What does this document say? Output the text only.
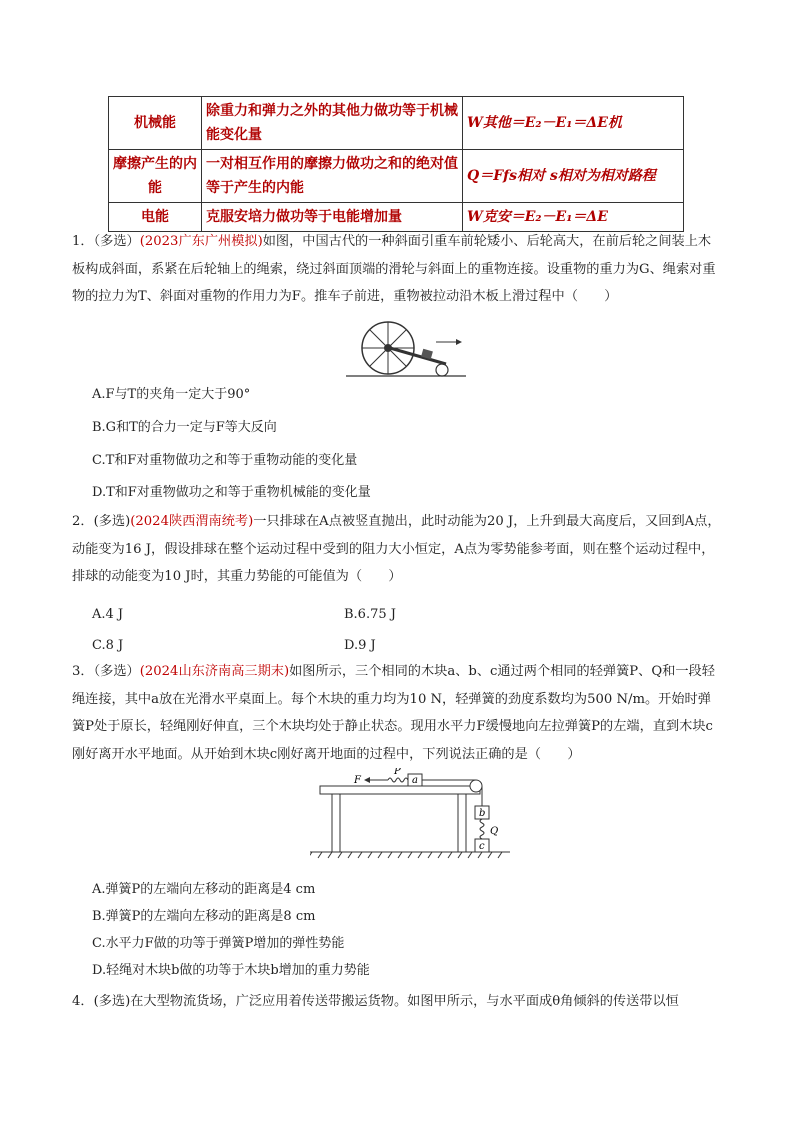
机械能	除重力和弹力之外的其他力做功等于机械能变化量	W其他＝E₂－E₁＝ΔE机
摩擦产生的内能	一对相互作用的摩擦力做功之和的绝对值等于产生的内能	Q＝Ffs相对 s相对为相对路程
电能	克服安培力做功等于电能增加量	W克安＝E₂－E₁＝ΔE
1．（多选）(2023广东广州模拟)如图，中国古代的一种斜面引重车前轮矮小、后轮高大，在前后轮之间装上木板构成斜面，系紧在后轮轴上的绳索，绕过斜面顶端的滑轮与斜面上的重物连接。设重物的重力为G、绳索对重物的拉力为T、斜面对重物的作用力为F。推车子前进，重物被拉动沿木板上滑过程中（　　）
A.F与T的夹角一定大于90°
B.G和T的合力一定与F等大反向
C.T和F对重物做功之和等于重物动能的变化量
D.T和F对重物做功之和等于重物机械能的变化量
2．(多选)(2024陕西渭南统考)一只排球在A点被竖直抛出，此时动能为20 J，上升到最大高度后，又回到A点，动能变为16 J，假设排球在整个运动过程中受到的阻力大小恒定，A点为零势能参考面，则在整个运动过程中，排球的动能变为10 J时，其重力势能的可能值为（　　）
A.4 J	B.6.75 J
C.8 J	D.9 J
3．（多选）(2024山东济南高三期末)如图所示，三个相同的木块a、b、c通过两个相同的轻弹簧P、Q和一段轻绳连接，其中a放在光滑水平桌面上。每个木块的重力均为10 N，轻弹簧的劲度系数均为500 N/m。开始时弹簧P处于原长，轻绳刚好伸直，三个木块均处于静止状态。现用水平力F缓慢地向左拉弹簧P的左端，直到木块c刚好离开水平地面。从开始到木块c刚好离开地面的过程中，下列说法正确的是（　　）
a
P
F
b
Q
c
A.弹簧P的左端向左移动的距离是4 cm
B.弹簧P的左端向左移动的距离是8 cm
C.水平力F做的功等于弹簧P增加的弹性势能
D.轻绳对木块b做的功等于木块b增加的重力势能
4．(多选)在大型物流货场，广泛应用着传送带搬运货物。如图甲所示，与水平面成θ角倾斜的传送带以恒
